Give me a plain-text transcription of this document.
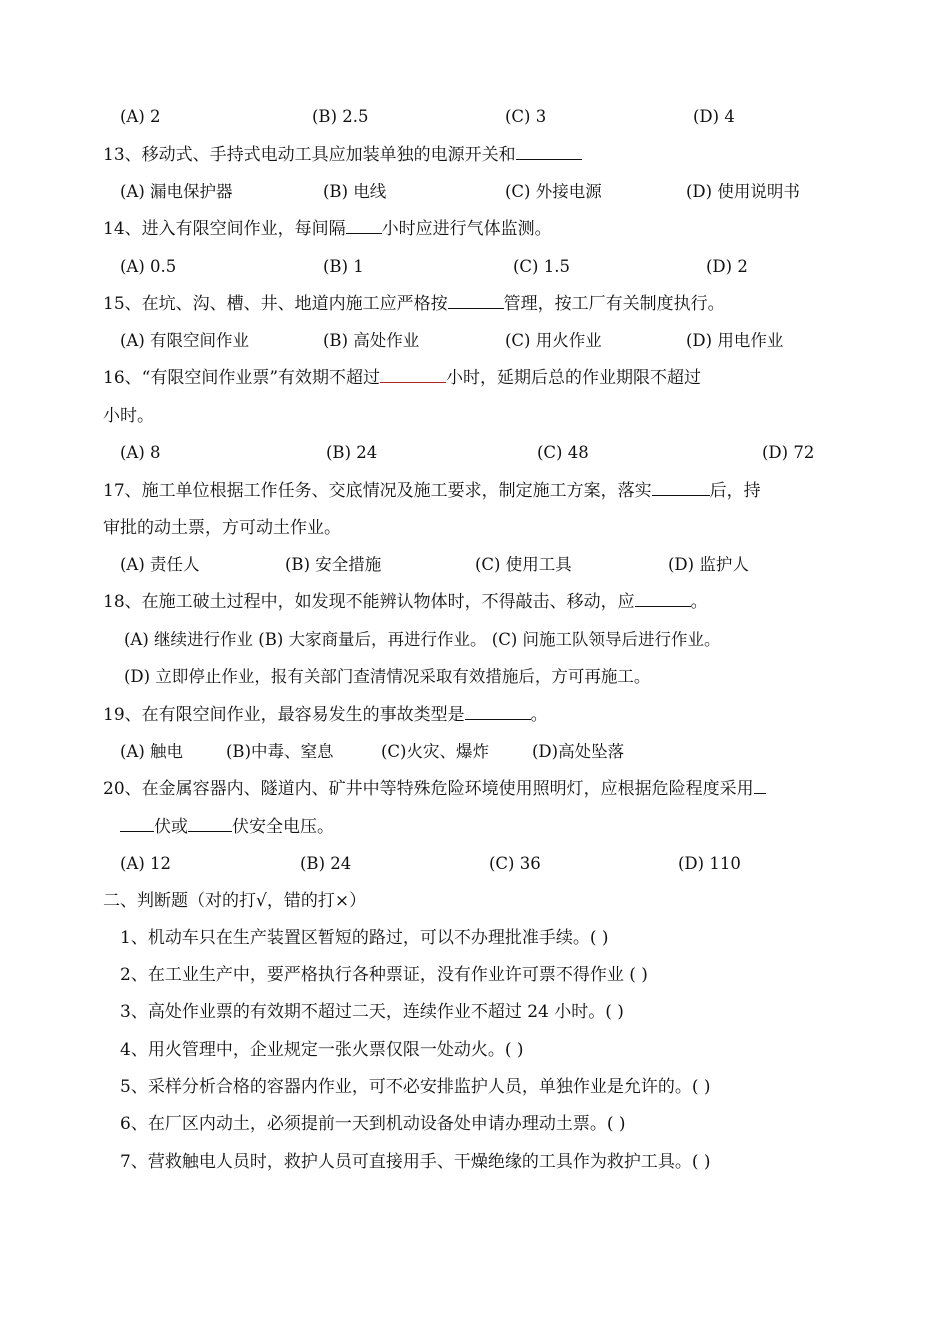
(A) 2	(B) 2.5	(C) 3	(D) 4
13、移动式、手持式电动工具应加装单独的电源开关和
(A) 漏电保护器	(B) 电线	(C) 外接电源	(D) 使用说明书
14、进入有限空间作业，每间隔 小时应进行气体监测。
(A) 0.5	(B) 1	(C) 1.5	(D) 2
15、在坑、沟、槽、井、地道内施工应严格按	管理，按工厂有关制度执行。
(A) 有限空间作业	(B) 高处作业	(C) 用火作业	(D) 用电作业
16、“有限空间作业票”有效期不超过	小时，延期后总的作业期限不超过
小时。
(A) 8	(B) 24	(C) 48	(D) 72
17、施工单位根据工作任务、交底情况及施工要求，制定施工方案，落实	后，持
审批的动土票，方可动土作业。
(A) 责任人	(B) 安全措施	(C) 使用工具	(D) 监护人
18、在施工破土过程中，如发现不能辨认物体时，不得敲击、移动，应	。
(A) 继续进行作业 (B) 大家商量后，再进行作业。 (C) 问施工队领导后进行作业。
(D) 立即停止作业，报有关部门查清情况采取有效措施后，方可再施工。
19、在有限空间作业，最容易发生的事故类型是	。
(A) 触电	(B)中毒、窒息	(C)火灾、爆炸	(D)高处坠落
20、在金属容器内、隧道内、矿井中等特殊危险环境使用照明灯，应根据危险程度采用
伏或	伏安全电压。
(A) 12	(B) 24	(C) 36	(D) 110
二、判断题（对的打√，错的打×）
1、机动车只在生产装置区暂短的路过，可以不办理批准手续。( )
2、在工业生产中，要严格执行各种票证，没有作业许可票不得作业 ( )
3、高处作业票的有效期不超过二天，连续作业不超过 24 小时。( )
4、用火管理中，企业规定一张火票仅限一处动火。( )
5、采样分析合格的容器内作业，可不必安排监护人员，单独作业是允许的。( )
6、在厂区内动土，必须提前一天到机动设备处申请办理动土票。( )
7、营救触电人员时，救护人员可直接用手、干燥绝缘的工具作为救护工具。( )
